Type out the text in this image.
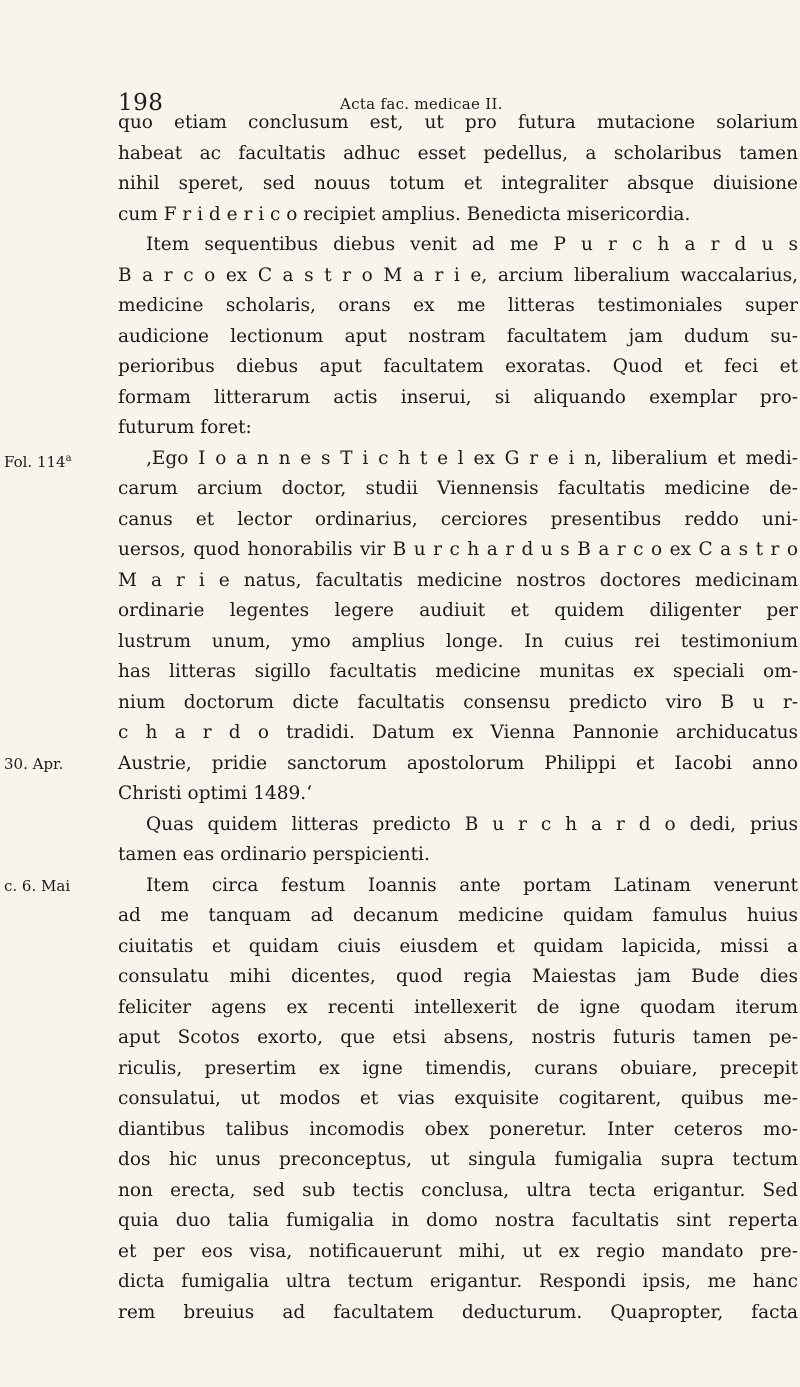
198	Acta fac. medicae II.
quo etiam conclusum est, ut pro futura mutacione solarium
habeat ac facultatis adhuc esset pedellus, a scholaribus tamen
nihil speret, sed nouus totum et integraliter absque diuisione
cum F r i d e r i c o recipiet amplius. Benedicta misericordia.
Item sequentibus diebus venit ad me P u r c h a r d u s
B a r c o ex C a s t r o M a r i e, arcium liberalium waccalarius,
medicine scholaris, orans ex me litteras testimoniales super
audicione lectionum aput nostram facultatem jam dudum su-
perioribus diebus aput facultatem exoratas. Quod et feci et
formam litterarum actis inserui, si aliquando exemplar pro-
futurum foret:
‚Ego I o a n n e s T i c h t e l ex G r e i n, liberalium et medi-
carum arcium doctor, studii Viennensis facultatis medicine de-
canus et lector ordinarius, cerciores presentibus reddo uni-
uersos, quod honorabilis vir B u r c h a r d u s B a r c o ex C a s t r o
M a r i e natus, facultatis medicine nostros doctores medicinam
ordinarie legentes legere audiuit et quidem diligenter per
lustrum unum, ymo amplius longe. In cuius rei testimonium
has litteras sigillo facultatis medicine munitas ex speciali om-
nium doctorum dicte facultatis consensu predicto viro B u r-
c h a r d o tradidi. Datum ex Vienna Pannonie archiducatus
Austrie, pridie sanctorum apostolorum Philippi et Iacobi anno
Christi optimi 1489.‘
Quas quidem litteras predicto B u r c h a r d o dedi, prius
tamen eas ordinario perspicienti.
Item circa festum Ioannis ante portam Latinam venerunt
ad me tanquam ad decanum medicine quidam famulus huius
ciuitatis et quidam ciuis eiusdem et quidam lapicida, missi a
consulatu mihi dicentes, quod regia Maiestas jam Bude dies
feliciter agens ex recenti intellexerit de igne quodam iterum
aput Scotos exorto, que etsi absens, nostris futuris tamen pe-
riculis, presertim ex igne timendis, curans obuiare, precepit
consulatui, ut modos et vias exquisite cogitarent, quibus me-
diantibus talibus incomodis obex poneretur. Inter ceteros mo-
dos hic unus preconceptus, ut singula fumigalia supra tectum
non erecta, sed sub tectis conclusa, ultra tecta erigantur. Sed
quia duo talia fumigalia in domo nostra facultatis sint reperta
et per eos visa, notificauerunt mihi, ut ex regio mandato pre-
dicta fumigalia ultra tectum erigantur. Respondi ipsis, me hanc
rem breuius ad facultatem deducturum. Quapropter, facta
Fol. 114$^a$
30. Apr.
c. 6. Mai
